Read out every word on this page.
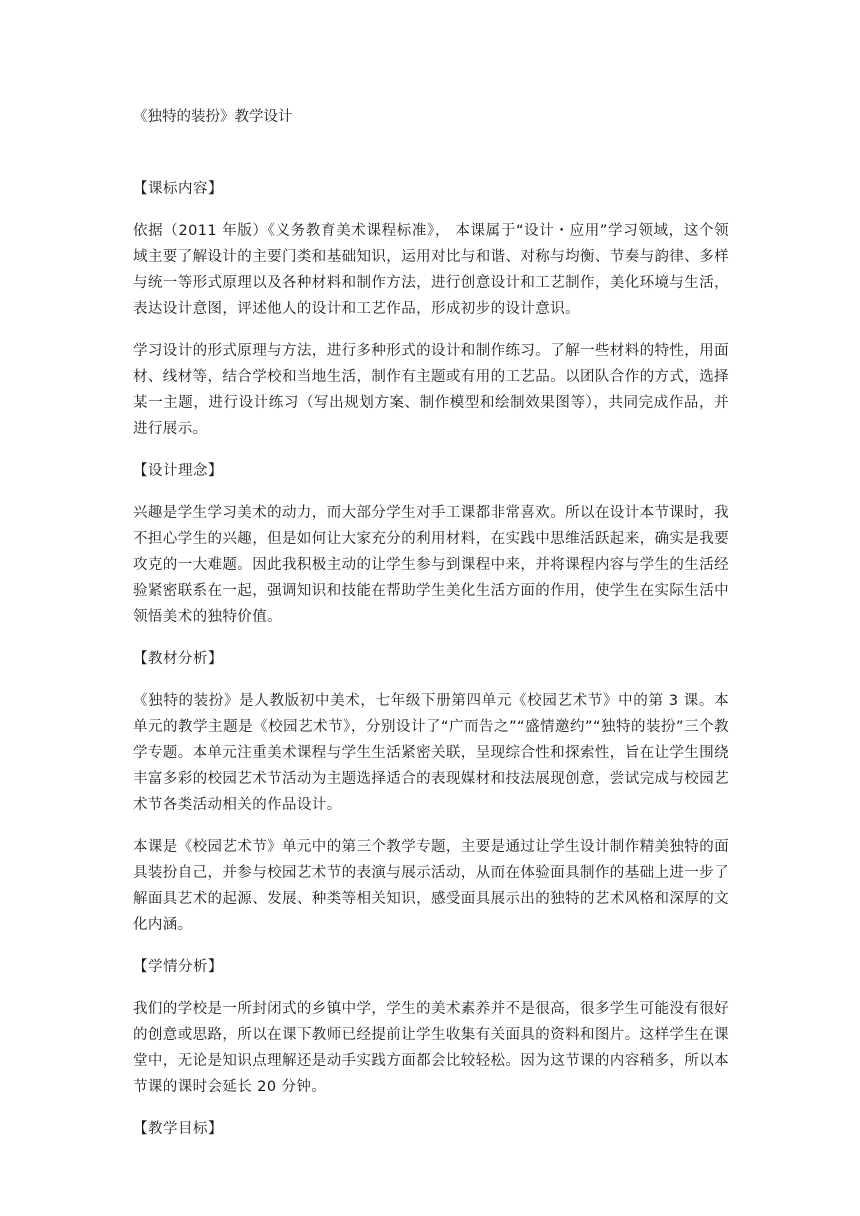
《独特的装扮》教学设计

【课标内容】

依据（2011 年版）《义务教育美术课程标准》， 本课属于“设计・应用”学习领域，这个领域主要了解设计的主要门类和基础知识，运用对比与和谐、对称与均衡、节奏与韵律、多样与统一等形式原理以及各种材料和制作方法，进行创意设计和工艺制作，美化环境与生活，表达设计意图，评述他人的设计和工艺作品，形成初步的设计意识。

学习设计的形式原理与方法，进行多种形式的设计和制作练习。了解一些材料的特性，用面材、线材等，结合学校和当地生活，制作有主题或有用的工艺品。以团队合作的方式，选择某一主题，进行设计练习（写出规划方案、制作模型和绘制效果图等），共同完成作品，并进行展示。

【设计理念】

兴趣是学生学习美术的动力，而大部分学生对手工课都非常喜欢。所以在设计本节课时，我不担心学生的兴趣，但是如何让大家充分的利用材料，在实践中思维活跃起来，确实是我要攻克的一大难题。因此我积极主动的让学生参与到课程中来，并将课程内容与学生的生活经验紧密联系在一起，强调知识和技能在帮助学生美化生活方面的作用，使学生在实际生活中领悟美术的独特价值。

【教材分析】

《独特的装扮》是人教版初中美术，七年级下册第四单元《校园艺术节》中的第 3 课。本单元的教学主题是《校园艺术节》，分别设计了“广而告之”“盛情邀约”“独特的装扮”三个教学专题。本单元注重美术课程与学生生活紧密关联，呈现综合性和探索性，旨在让学生围绕丰富多彩的校园艺术节活动为主题选择适合的表现媒材和技法展现创意，尝试完成与校园艺术节各类活动相关的作品设计。

本课是《校园艺术节》单元中的第三个教学专题，主要是通过让学生设计制作精美独特的面具装扮自己，并参与校园艺术节的表演与展示活动，从而在体验面具制作的基础上进一步了解面具艺术的起源、发展、种类等相关知识，感受面具展示出的独特的艺术风格和深厚的文化内涵。

【学情分析】

我们的学校是一所封闭式的乡镇中学，学生的美术素养并不是很高，很多学生可能没有很好的创意或思路，所以在课下教师已经提前让学生收集有关面具的资料和图片。这样学生在课堂中，无论是知识点理解还是动手实践方面都会比较轻松。因为这节课的内容稍多，所以本节课的课时会延长 20 分钟。

【教学目标】
